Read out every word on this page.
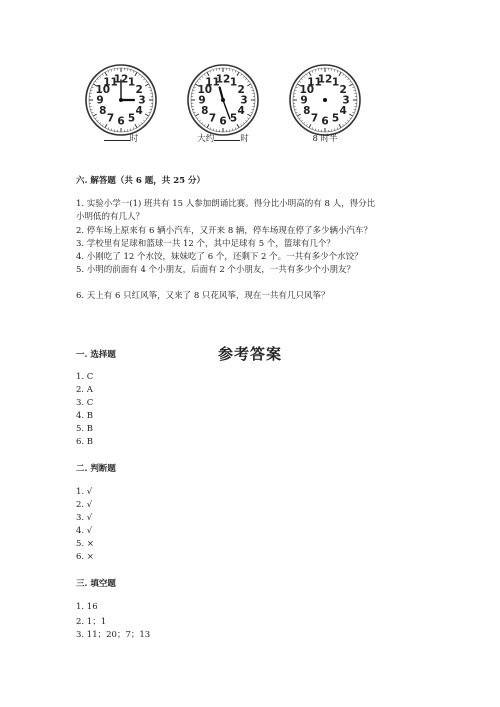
12 1
2
3
4
5
6
7
8
9
10
11	12 1
2
3
4
5
6
7
8
9
10
11	12 1
2
3
4
5
6
7
8
9
10
11
时	大约	时	8 时半
六. 解答题（共 6 题，共 25 分）
1. 实验小学一(1) 班共有 15 人参加朗诵比赛。得分比小明高的有 8 人，得分比
小明低的有几人？
2. 停车场上原来有 6 辆小汽车，又开来 8 辆，停车场现在停了多少辆小汽车？
3. 学校里有足球和篮球一共 12 个，其中足球有 5 个，篮球有几个？
4. 小刚吃了 12 个水饺，妹妹吃了 6 个，还剩下 2 个。一共有多少个水饺？
5. 小明的前面有 4 个小朋友，后面有 2 个小朋友，一共有多少个小朋友？
6. 天上有 6 只红风筝，又来了 8 只花风筝，现在一共有几只风筝？
参考答案
一. 选择题
1. C
2. A
3. C
4. B
5. B
6. B
二. 判断题
1. √
2. √
3. √
4. √
5. ×
6. ×
三. 填空题
1. 16
2. 1；1
3. 11；20；7；13
